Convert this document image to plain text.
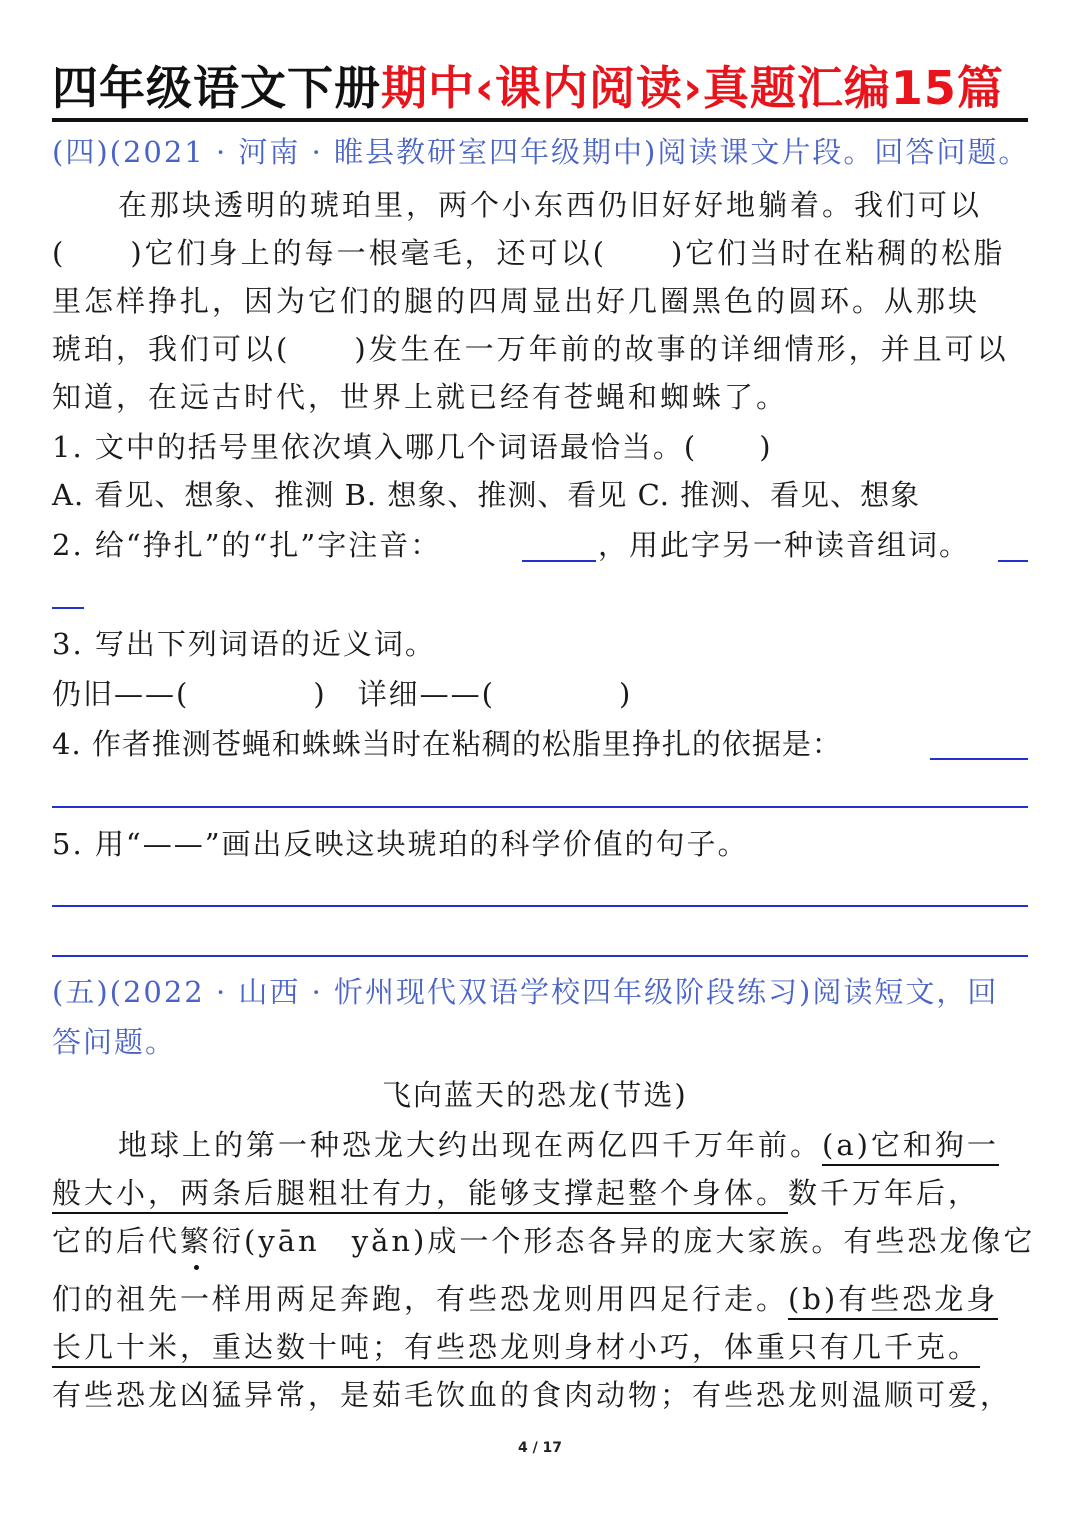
四年级语文下册期中‹课内阅读›真题汇编15篇
(四)(2021 · 河南 · 睢县教研室四年级期中)阅读课文片段。回答问题。
在那块透明的琥珀里，两个小东西仍旧好好地躺着。我们可以
(　　)它们身上的每一根毫毛，还可以(　　)它们当时在粘稠的松脂
里怎样挣扎，因为它们的腿的四周显出好几圈黑色的圆环。从那块
琥珀，我们可以(　　)发生在一万年前的故事的详细情形，并且可以
知道，在远古时代，世界上就已经有苍蝇和蜘蛛了。
1. 文中的括号里依次填入哪几个词语最恰当。(　　)
A. 看见、想象、推测 B. 想象、推测、看见 C. 推测、看见、想象
2. 给“挣扎”的“扎”字注音：	，用此字另一种读音组词。
3. 写出下列词语的近义词。
仍旧——(　　　　)　详细——(　　　　)
4. 作者推测苍蝇和蛛蛛当时在粘稠的松脂里挣扎的依据是：
5. 用“——”画出反映这块琥珀的科学价值的句子。
(五)(2022 · 山西 · 忻州现代双语学校四年级阶段练习)阅读短文，回
答问题。
飞向蓝天的恐龙(节选)
地球上的第一种恐龙大约出现在两亿四千万年前。(a)它和狗一
般大小，两条后腿粗壮有力，能够支撑起整个身体。数千万年后，
它的后代繁衍(yān　yǎn)成一个形态各异的庞大家族。有些恐龙像它
们的祖先一样用两足奔跑，有些恐龙则用四足行走。(b)有些恐龙身
长几十米，重达数十吨；有些恐龙则身材小巧，体重只有几千克。
有些恐龙凶猛异常，是茹毛饮血的食肉动物；有些恐龙则温顺可爱，
4 / 17
